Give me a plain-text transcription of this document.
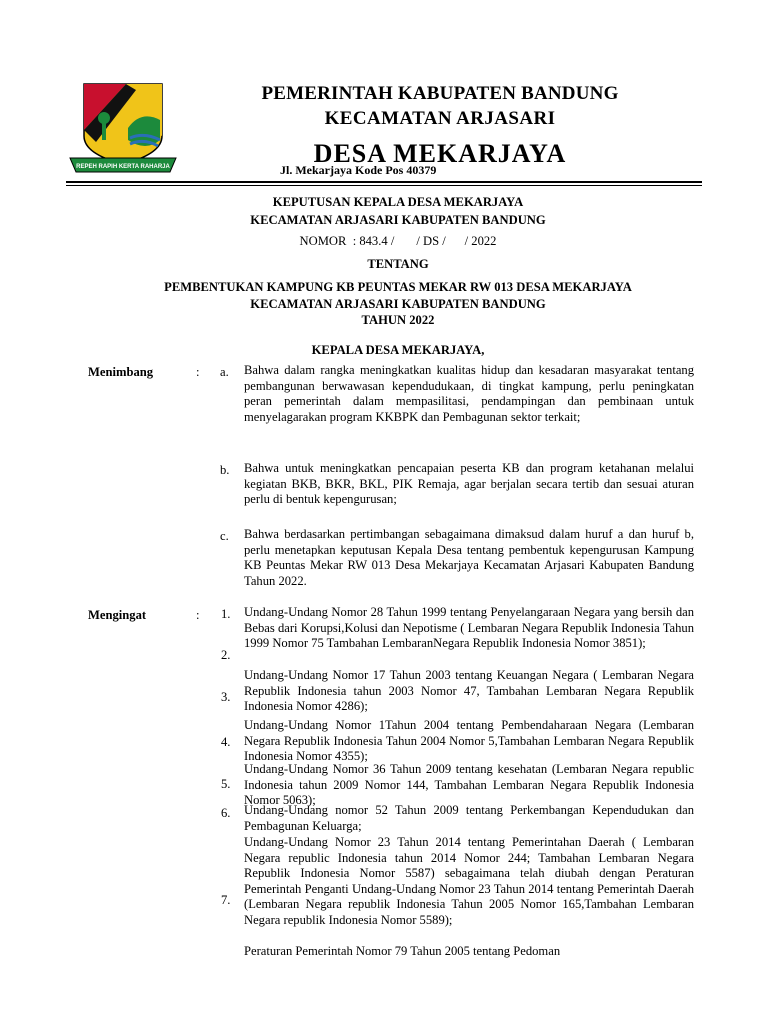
REPEH RAPIH KERTA RAHARJA
PEMERINTAH KABUPATEN BANDUNG
KECAMATAN ARJASARI
DESA MEKARJAYA
Jl. Mekarjaya Kode Pos 40379
KEPUTUSAN KEPALA DESA MEKARJAYA
KECAMATAN ARJASARI KABUPATEN BANDUNG
NOMOR  : 843.4 /       / DS /      / 2022
TENTANG
PEMBENTUKAN KAMPUNG KB PEUNTAS MEKAR RW 013 DESA MEKARJAYA
KECAMATAN ARJASARI KABUPATEN BANDUNG
TAHUN 2022
KEPALA DESA MEKARJAYA,
Menimbang	: a. Bahwa dalam rangka meningkatkan kualitas hidup dan kesadaran masyarakat tentang pembangunan berwawasan kependudukaan, di tingkat kampung, perlu peningkatan peran pemerintah dalam mempasilitasi, pendampingan dan pembinaan untuk menyelagarakan program KKBPK dan Pembagunan sektor terkait;
b. Bahwa untuk meningkatkan pencapaian peserta KB dan program ketahanan melalui kegiatan BKB, BKR, BKL, PIK Remaja, agar berjalan secara tertib dan sesuai aturan perlu di bentuk kepengurusan;
c. Bahwa berdasarkan pertimbangan sebagaimana dimaksud dalam huruf a dan huruf b, perlu menetapkan keputusan Kepala Desa tentang pembentuk kepengurusan Kampung KB Peuntas Mekar RW 013 Desa Mekarjaya Kecamatan Arjasari Kabupaten Bandung Tahun 2022.
Mengingat	: 1.
2.
3.
4.
5.
6.
7.
Undang-Undang Nomor 28 Tahun 1999 tentang Penyelangaraan Negara yang bersih dan Bebas dari Korupsi,Kolusi dan Nepotisme ( Lembaran Negara Republik Indonesia Tahun 1999 Nomor 75 Tambahan LembaranNegara Republik Indonesia Nomor 3851);
Undang-Undang Nomor 17 Tahun 2003 tentang Keuangan Negara ( Lembaran Negara Republik Indonesia tahun 2003 Nomor 47, Tambahan Lembaran Negara Republik Indonesia Nomor 4286);
Undang-Undang Nomor 1Tahun 2004 tentang Pembendaharaan Negara (Lembaran Negara Republik Indonesia Tahun 2004 Nomor 5,Tambahan Lembaran Negara Republik Indonesia Nomor 4355);
Undang-Undang Nomor 36 Tahun 2009 tentang kesehatan (Lembaran Negara republic Indonesia tahun 2009 Nomor 144, Tambahan Lembaran Negara Republik Indonesia Nomor 5063);
Undang-Undang nomor 52 Tahun 2009 tentang Perkembangan Kependudukan dan Pembagunan Keluarga;
Undang-Undang Nomor 23 Tahun 2014 tentang Pemerintahan Daerah ( Lembaran Negara republic Indonesia tahun 2014 Nomor 244; Tambahan Lembaran Negara Republik Indonesia Nomor 5587) sebagaimana telah diubah dengan Peraturan Pemerintah Penganti Undang-Undang Nomor 23 Tahun 2014 tentang Pemerintah Daerah (Lembaran Negara republik Indonesia Tahun 2005 Nomor 165,Tambahan Lembaran Negara republik Indonesia Nomor 5589);
Peraturan Pemerintah Nomor 79 Tahun 2005 tentang Pedoman
